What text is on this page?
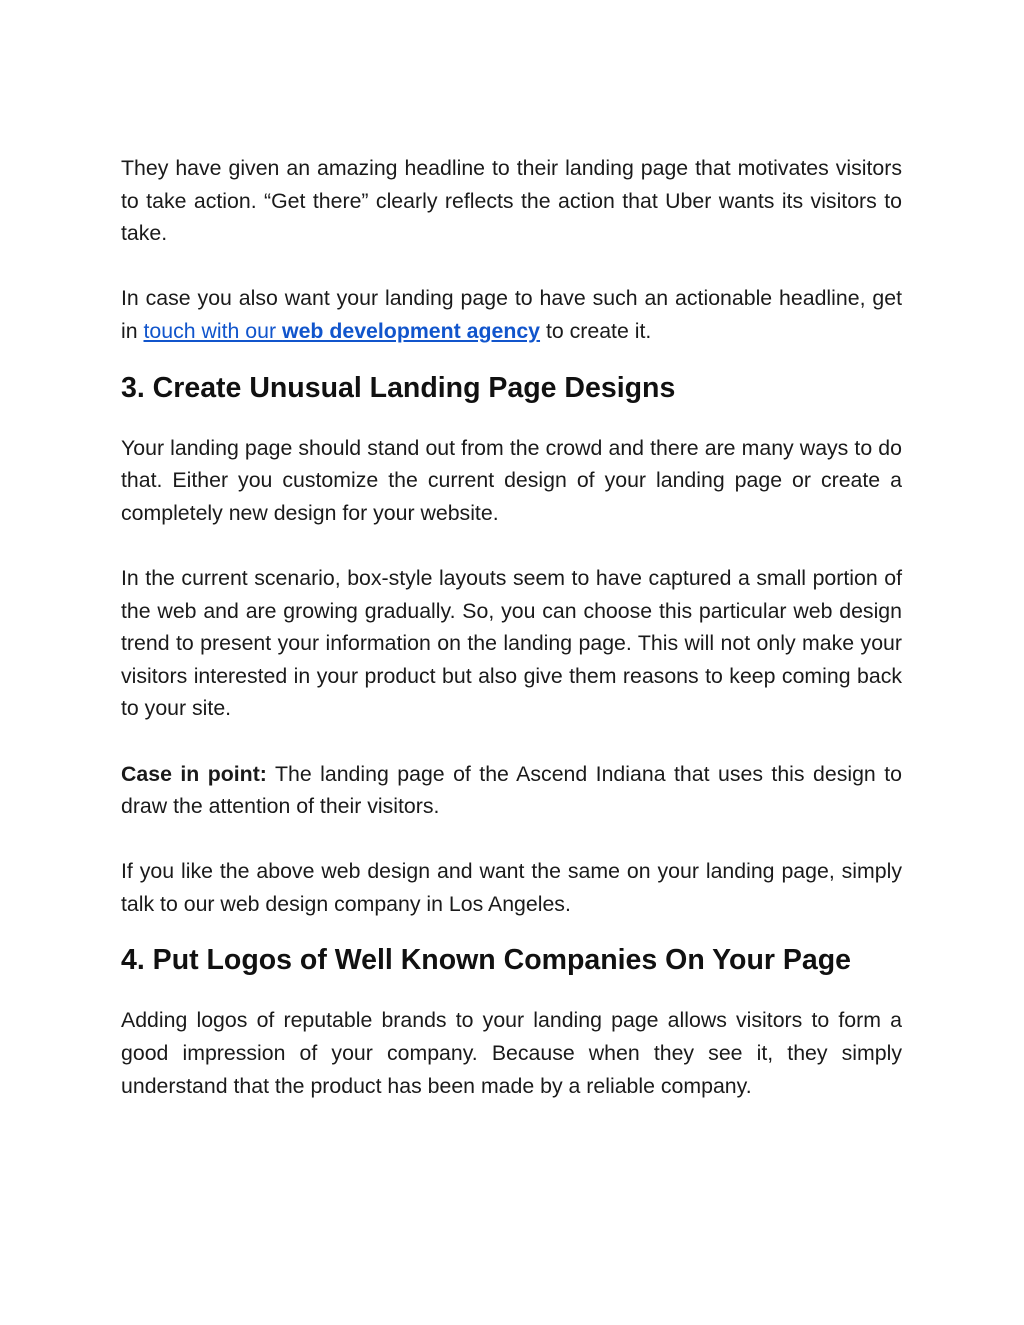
They have given an amazing headline to their landing page that motivates visitors to take action. “Get there” clearly reflects the action that Uber wants its visitors to take.

In case you also want your landing page to have such an actionable headline, get in touch with our web development agency to create it.

3. Create Unusual Landing Page Designs

Your landing page should stand out from the crowd and there are many ways to do that. Either you customize the current design of your landing page or create a completely new design for your website.

In the current scenario, box-style layouts seem to have captured a small portion of the web and are growing gradually. So, you can choose this particular web design trend to present your information on the landing page. This will not only make your visitors interested in your product but also give them reasons to keep coming back to your site.

Case in point: The landing page of the Ascend Indiana that uses this design to draw the attention of their visitors.

If you like the above web design and want the same on your landing page, simply talk to our web design company in Los Angeles.

4. Put Logos of Well Known Companies On Your Page

Adding logos of reputable brands to your landing page allows visitors to form a good impression of your company. Because when they see it, they simply understand that the product has been made by a reliable company.
